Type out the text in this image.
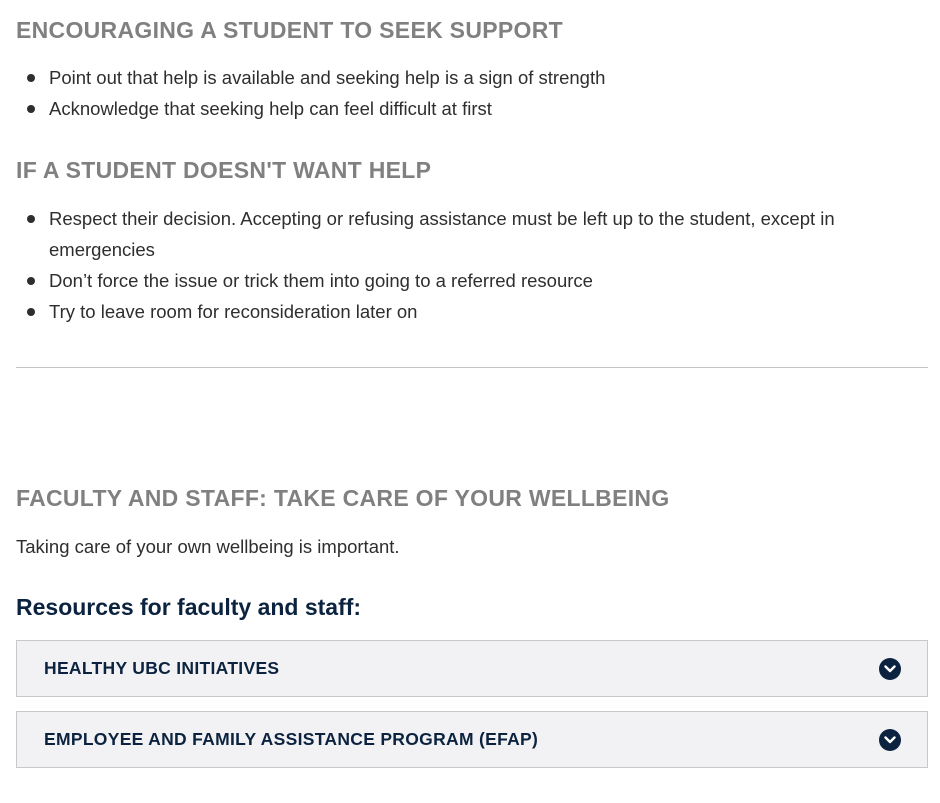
ENCOURAGING A STUDENT TO SEEK SUPPORT
Point out that help is available and seeking help is a sign of strength
Acknowledge that seeking help can feel difficult at first
IF A STUDENT DOESN'T WANT HELP
Respect their decision. Accepting or refusing assistance must be left up to the student, except in emergencies
Don’t force the issue or trick them into going to a referred resource
Try to leave room for reconsideration later on
FACULTY AND STAFF: TAKE CARE OF YOUR WELLBEING

Taking care of your own wellbeing is important.

Resources for faculty and staff:
HEALTHY UBC INITIATIVES
EMPLOYEE AND FAMILY ASSISTANCE PROGRAM (EFAP)
